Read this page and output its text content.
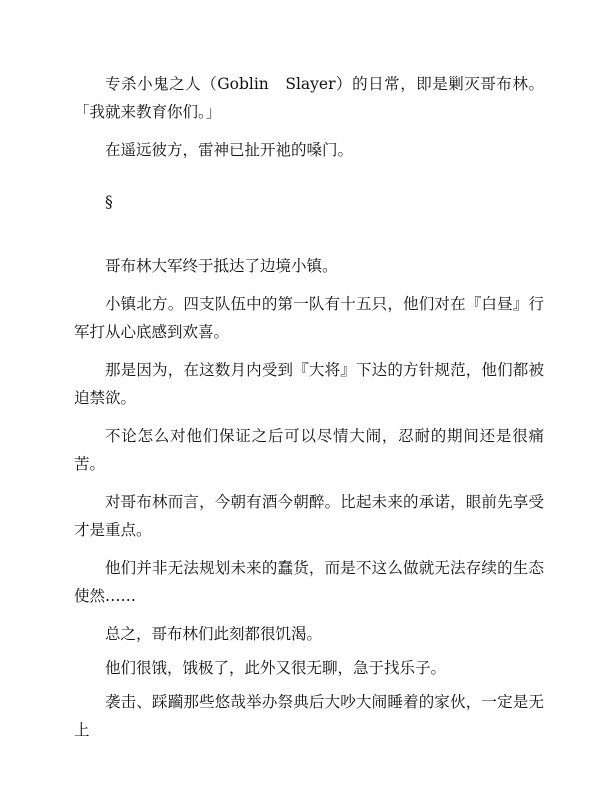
专杀小鬼之人（Goblin　Slayer）的日常，即是剿灭哥布林。「我就来教育你们。」

在遥远彼方，雷神已扯开祂的嗓门。

§

哥布林大军终于抵达了边境小镇。

小镇北方。四支队伍中的第一队有十五只，他们对在『白昼』行军打从心底感到欢喜。

那是因为，在这数月内受到『大将』下达的方针规范，他们都被迫禁欲。

不论怎么对他们保证之后可以尽情大闹，忍耐的期间还是很痛苦。

对哥布林而言，今朝有酒今朝醉。比起未来的承诺，眼前先享受才是重点。

他们并非无法规划未来的蠢货，而是不这么做就无法存续的生态使然……

总之，哥布林们此刻都很饥渴。

他们很饿，饿极了，此外又很无聊，急于找乐子。

袭击、踩躏那些悠哉举办祭典后大吵大闹睡着的家伙，一定是无上
